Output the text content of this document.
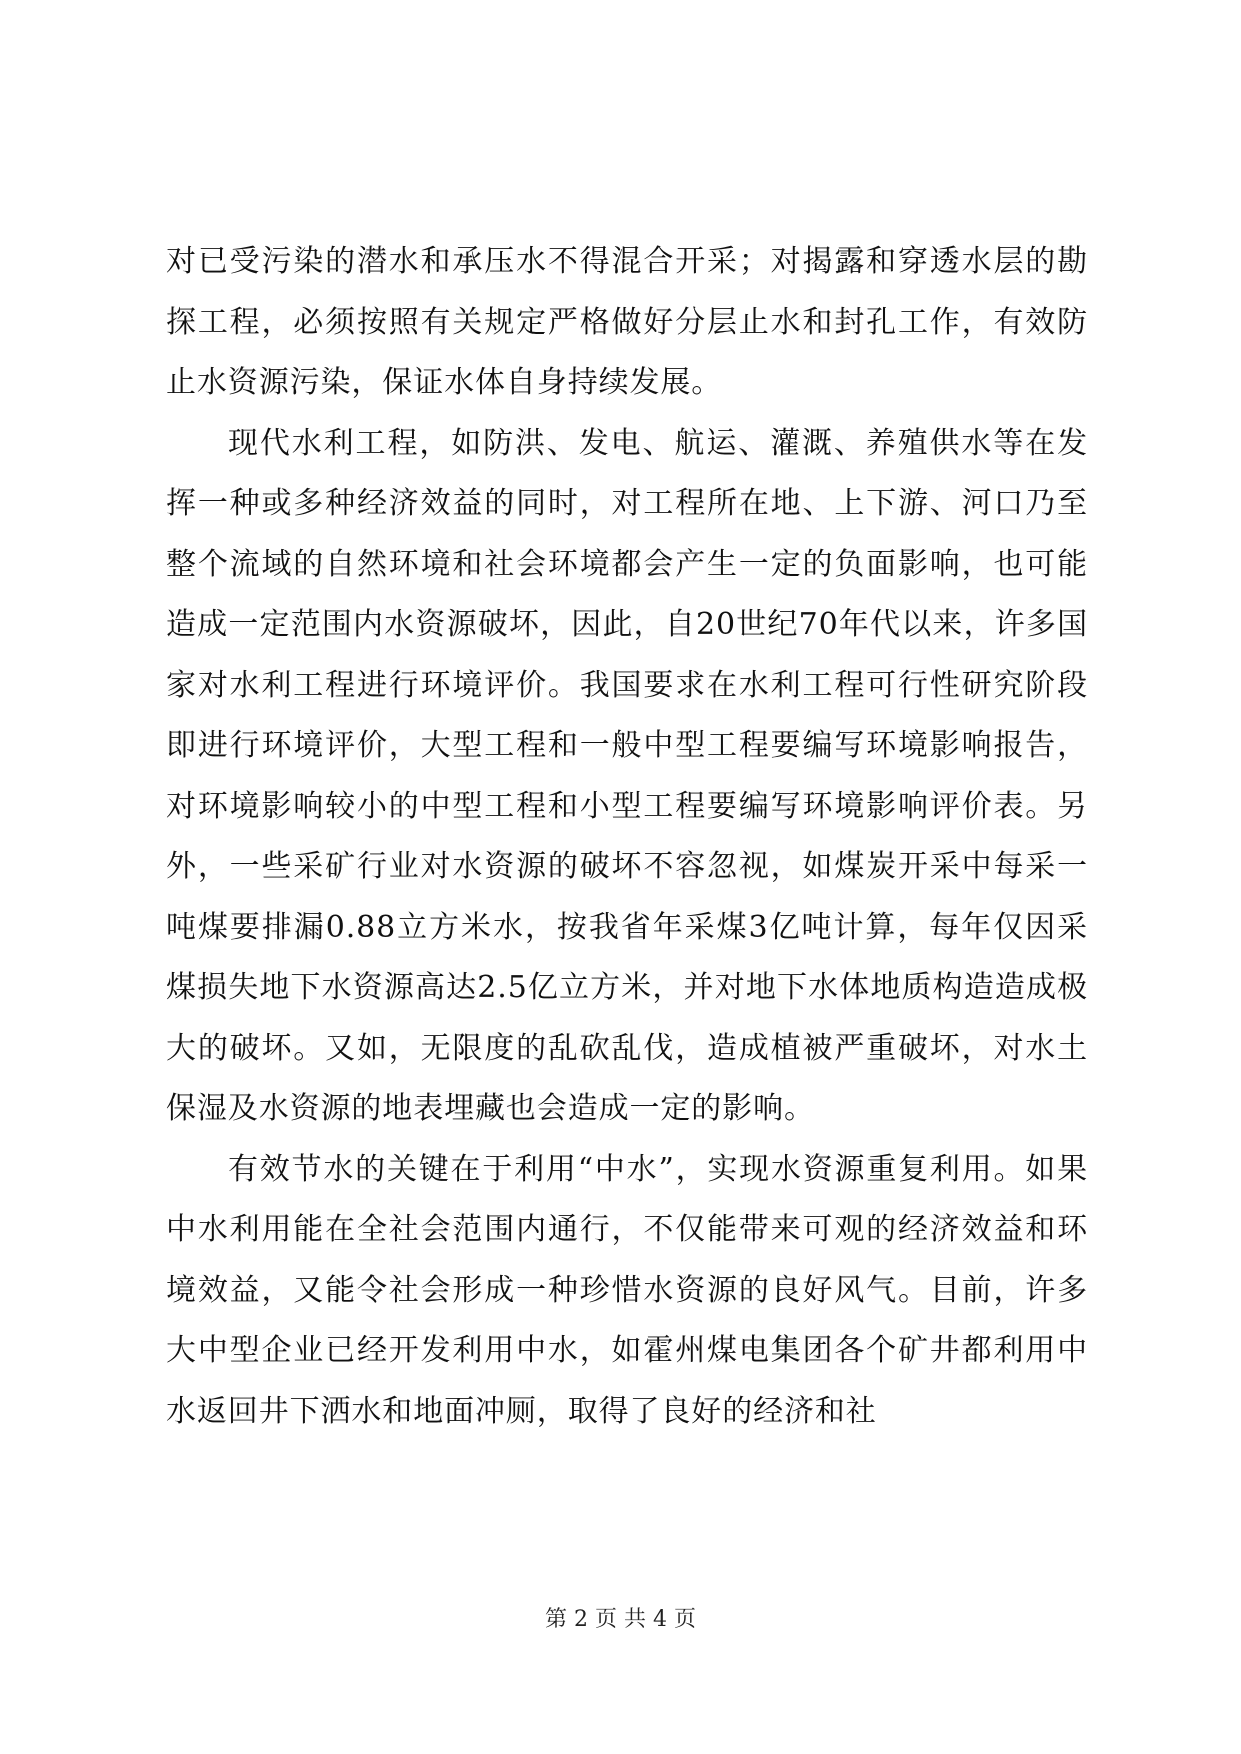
对已受污染的潜水和承压水不得混合开采；对揭露和穿透水层的勘探工程，必须按照有关规定严格做好分层止水和封孔工作，有效防止水资源污染，保证水体自身持续发展。

现代水利工程，如防洪、发电、航运、灌溉、养殖供水等在发挥一种或多种经济效益的同时，对工程所在地、上下游、河口乃至整个流域的自然环境和社会环境都会产生一定的负面影响，也可能造成一定范围内水资源破坏，因此，自20世纪70年代以来，许多国家对水利工程进行环境评价。我国要求在水利工程可行性研究阶段即进行环境评价，大型工程和一般中型工程要编写环境影响报告，对环境影响较小的中型工程和小型工程要编写环境影响评价表。另外，一些采矿行业对水资源的破坏不容忽视，如煤炭开采中每采一吨煤要排漏0.88立方米水，按我省年采煤3亿吨计算，每年仅因采煤损失地下水资源高达2.5亿立方米，并对地下水体地质构造造成极大的破坏。又如，无限度的乱砍乱伐，造成植被严重破坏，对水土保湿及水资源的地表埋藏也会造成一定的影响。

有效节水的关键在于利用“中水”，实现水资源重复利用。如果中水利用能在全社会范围内通行，不仅能带来可观的经济效益和环境效益，又能令社会形成一种珍惜水资源的良好风气。目前，许多大中型企业已经开发利用中水，如霍州煤电集团各个矿井都利用中水返回井下洒水和地面冲厕，取得了良好的经济和社

第 2 页 共 4 页
